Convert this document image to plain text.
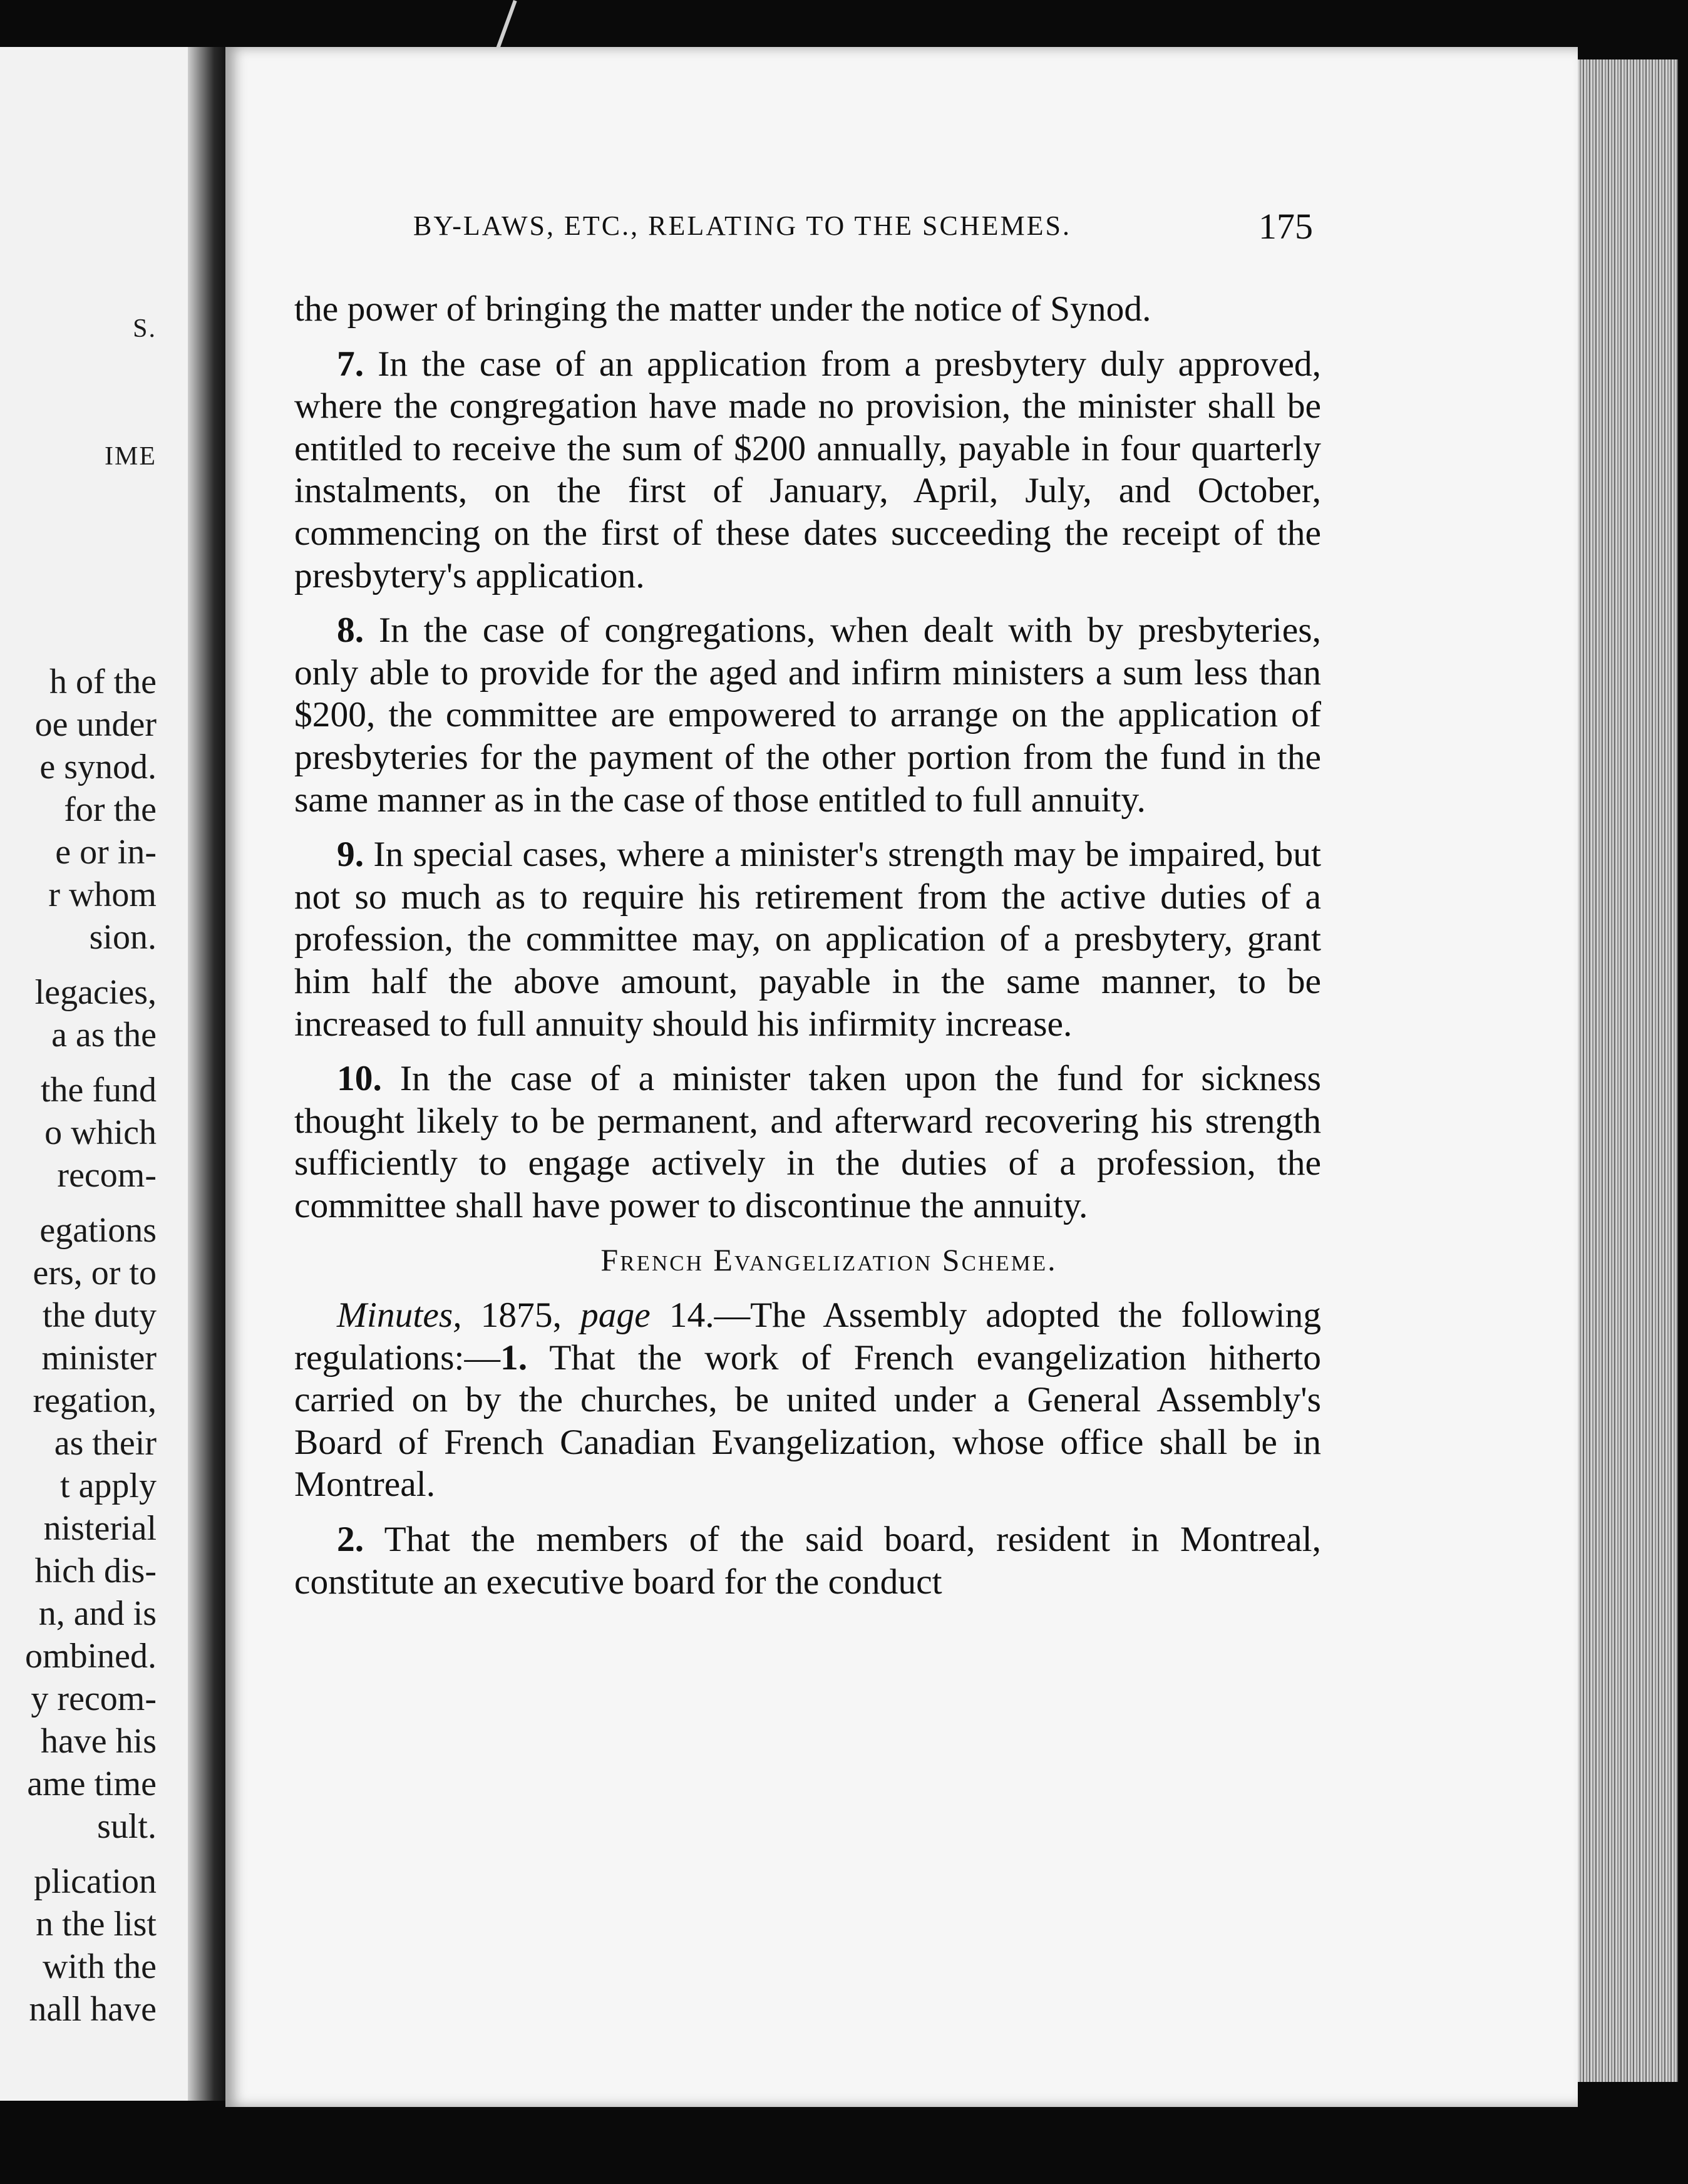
S.

IME

h of the
oe under
e synod.
for the
e or in-
r whom
sion.
legacies,
a as the
the fund
o which
recom-
egations
ers, or to
the duty
minister
regation,
as their
t apply
nisterial
hich dis-
n, and is
ombined.
y recom-
have his
ame time
sult.
plication
n the list
with the
nall have
BY-LAWS, ETC., RELATING TO THE SCHEMES.	175

the power of bringing the matter under the notice of Synod.

7. In the case of an application from a presbytery duly approved, where the congregation have made no provision, the minister shall be entitled to receive the sum of $200 annually, payable in four quarterly instalments, on the first of January, April, July, and October, commencing on the first of these dates succeeding the receipt of the presbytery's application.

8. In the case of congregations, when dealt with by presbyteries, only able to provide for the aged and infirm ministers a sum less than $200, the committee are empowered to arrange on the application of presbyteries for the payment of the other portion from the fund in the same manner as in the case of those entitled to full annuity.

9. In special cases, where a minister's strength may be impaired, but not so much as to require his retirement from the active duties of a profession, the committee may, on application of a presbytery, grant him half the above amount, payable in the same manner, to be increased to full annuity should his infirmity increase.

10. In the case of a minister taken upon the fund for sickness thought likely to be permanent, and afterward recovering his strength sufficiently to engage actively in the duties of a profession, the committee shall have power to discontinue the annuity.

French Evangelization Scheme.

Minutes, 1875, page 14.—The Assembly adopted the following regulations:—1. That the work of French evangelization hitherto carried on by the churches, be united under a General Assembly's Board of French Canadian Evangelization, whose office shall be in Montreal.

2. That the members of the said board, resident in Montreal, constitute an executive board for the conduct
